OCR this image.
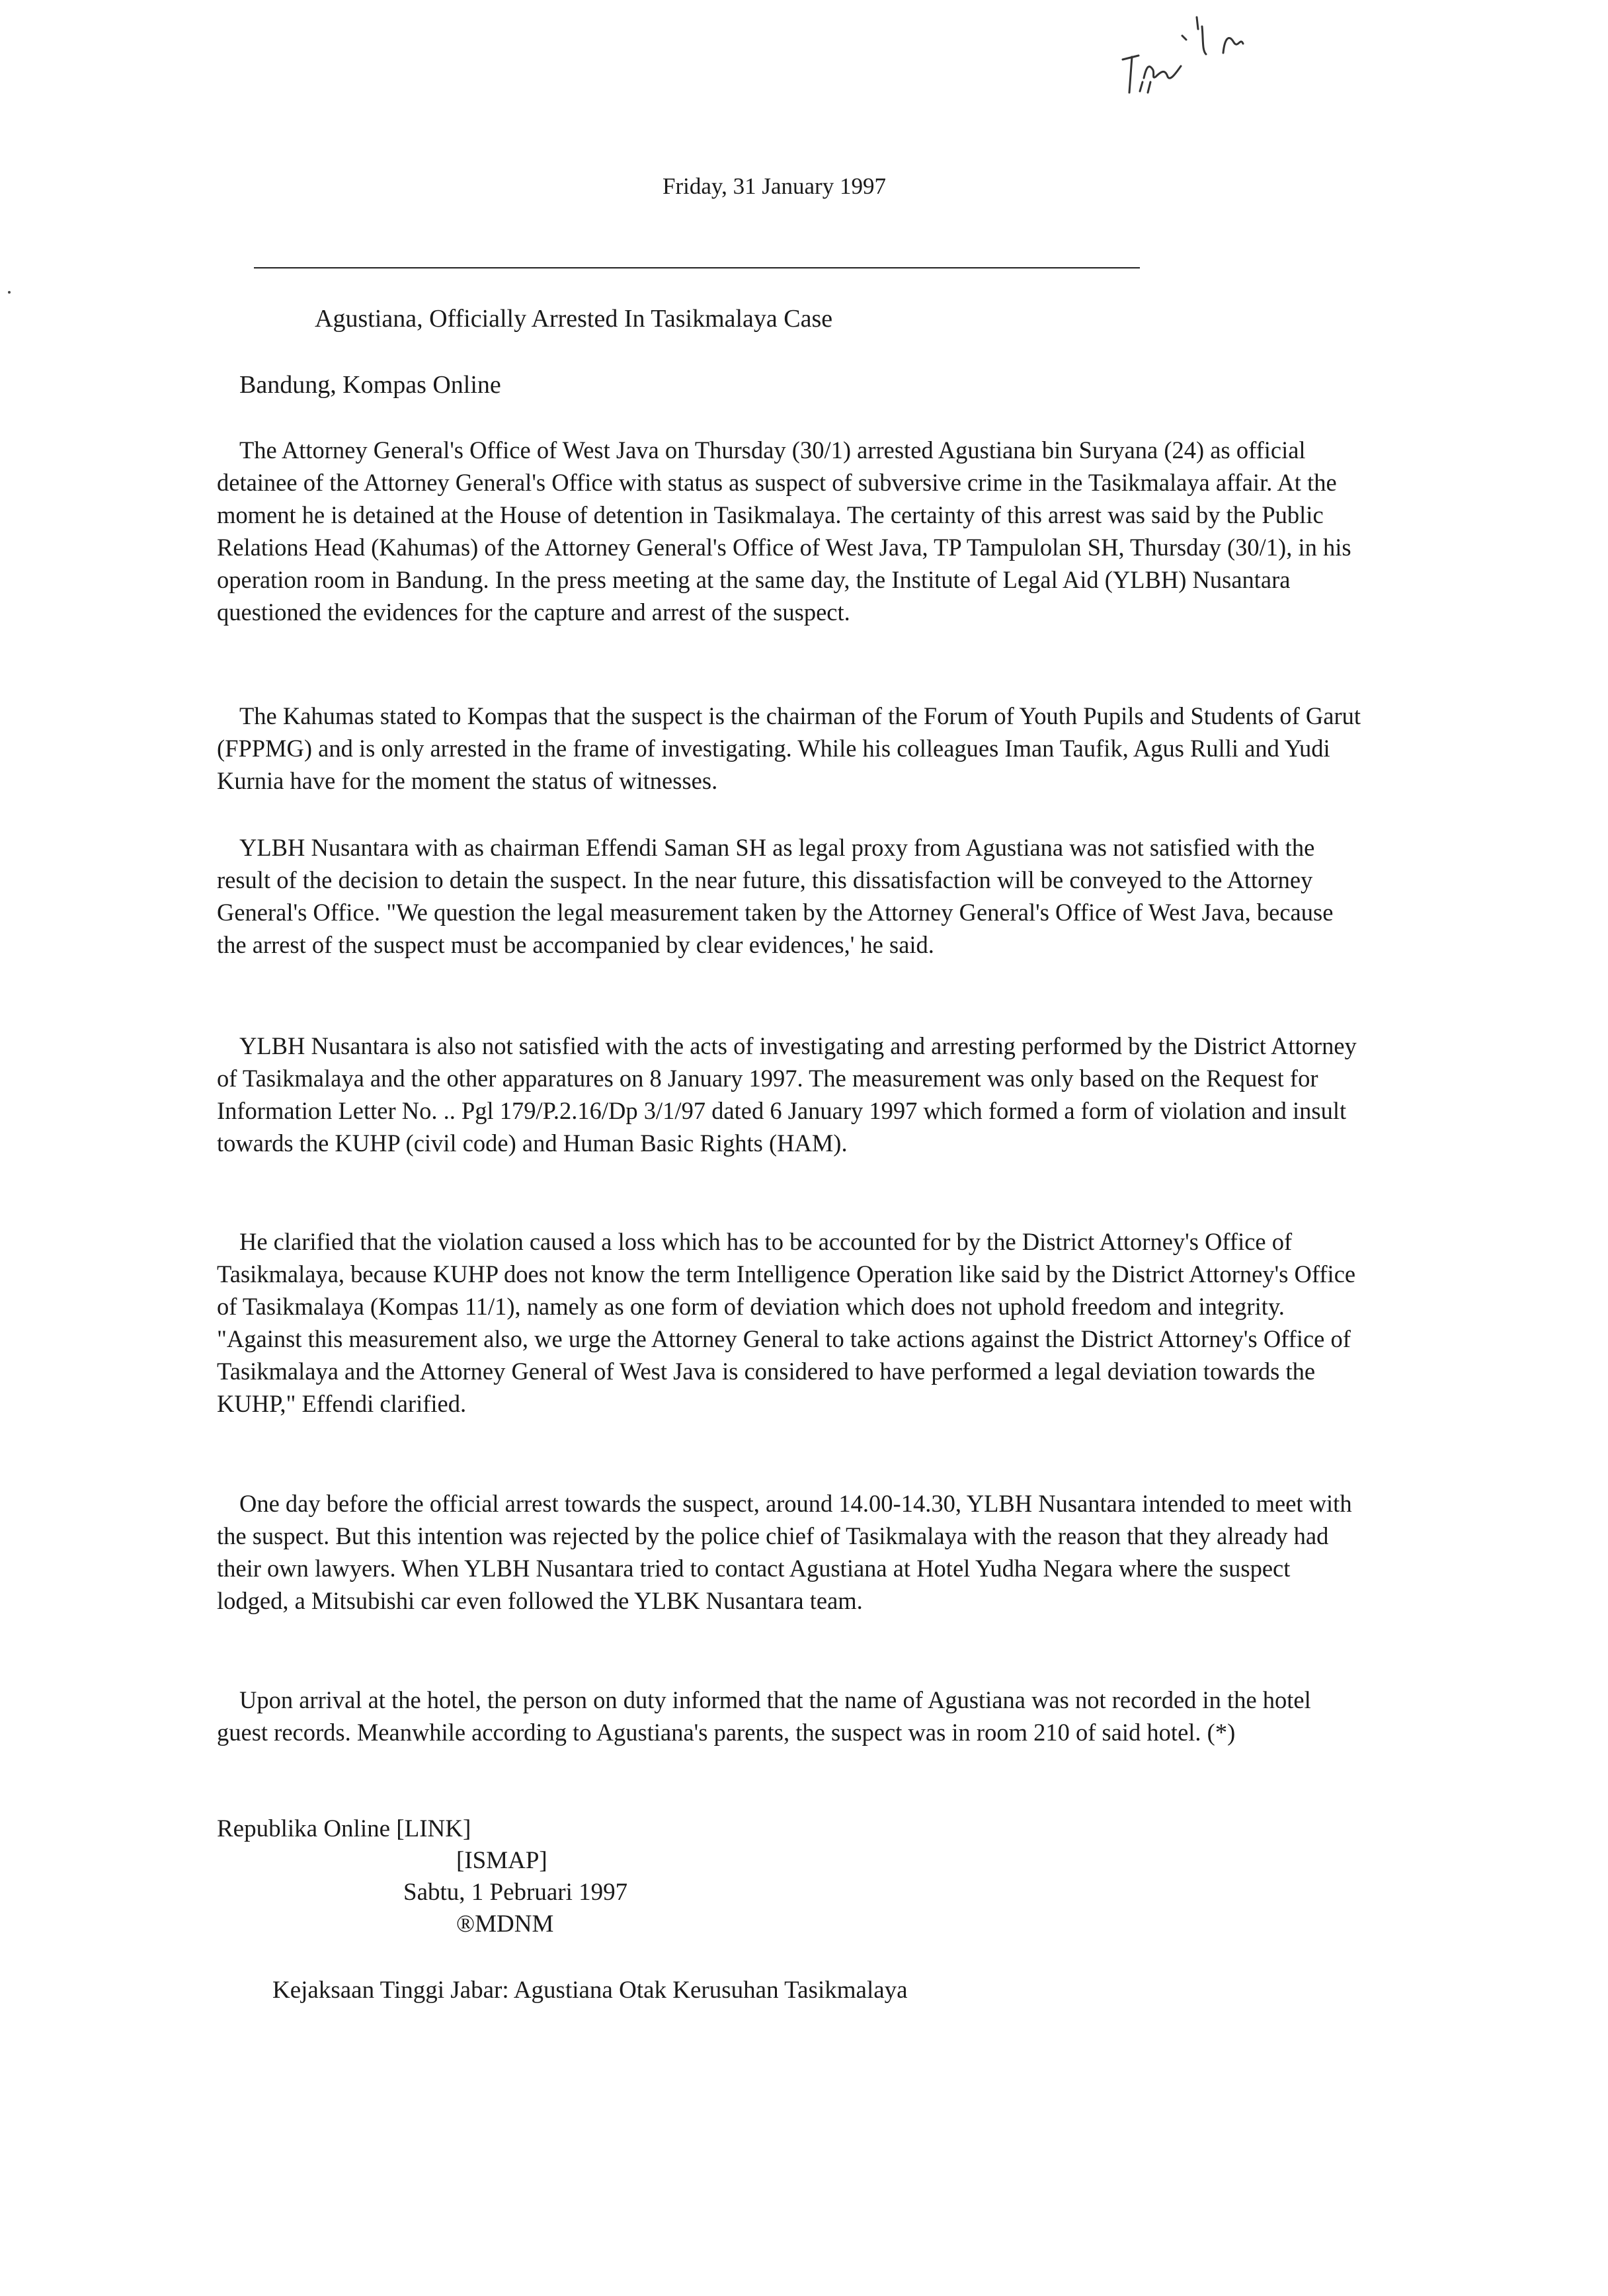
Friday, 31 January 1997
Agustiana, Officially Arrested In Tasikmalaya Case
Bandung, Kompas Online

The Attorney General's Office of West Java on Thursday (30/1) arrested Agustiana bin Suryana (24) as official detainee of the Attorney General's Office with status as suspect of subversive crime in the Tasikmalaya affair. At the moment he is detained at the House of detention in Tasikmalaya. The certainty of this arrest was said by the Public Relations Head (Kahumas) of the Attorney General's Office of West Java, TP Tampulolan SH, Thursday (30/1), in his operation room in Bandung. In the press meeting at the same day, the Institute of Legal Aid (YLBH) Nusantara questioned the evidences for the capture and arrest of the suspect.

The Kahumas stated to Kompas that the suspect is the chairman of the Forum of Youth Pupils and Students of Garut (FPPMG) and is only arrested in the frame of investigating. While his colleagues Iman Taufik, Agus Rulli and Yudi Kurnia have for the moment the status of witnesses.

YLBH Nusantara with as chairman Effendi Saman SH as legal proxy from Agustiana was not satisfied with the result of the decision to detain the suspect. In the near future, this dissatisfaction will be conveyed to the Attorney General's Office. "We question the legal measurement taken by the Attorney General's Office of West Java, because the arrest of the suspect must be accompanied by clear evidences,' he said.

YLBH Nusantara is also not satisfied with the acts of investigating and arresting performed by the District Attorney of Tasikmalaya and the other apparatures on 8 January 1997. The measurement was only based on the Request for Information Letter No. .. Pgl 179/P.2.16/Dp 3/1/97 dated 6 January 1997 which formed a form of violation and insult towards the KUHP (civil code) and Human Basic Rights (HAM).

He clarified that the violation caused a loss which has to be accounted for by the District Attorney's Office of Tasikmalaya, because KUHP does not know the term Intelligence Operation like said by the District Attorney's Office of Tasikmalaya (Kompas 11/1), namely as one form of deviation which does not uphold freedom and integrity. "Against this measurement also, we urge the Attorney General to take actions against the District Attorney's Office of Tasikmalaya and the Attorney General of West Java is considered to have performed a legal deviation towards the KUHP," Effendi clarified.

One day before the official arrest towards the suspect, around 14.00-14.30, YLBH Nusantara intended to meet with the suspect. But this intention was rejected by the police chief of Tasikmalaya with the reason that they already had their own lawyers. When YLBH Nusantara tried to contact Agustiana at Hotel Yudha Negara where the suspect lodged, a Mitsubishi car even followed the YLBK Nusantara team.

Upon arrival at the hotel, the person on duty informed that the name of Agustiana was not recorded in the hotel guest records. Meanwhile according to Agustiana's parents, the suspect was in room 210 of said hotel. (*)

Republika Online [LINK]
[ISMAP]
Sabtu, 1 Pebruari 1997
®MDNM
Kejaksaan Tinggi Jabar: Agustiana Otak Kerusuhan Tasikmalaya
